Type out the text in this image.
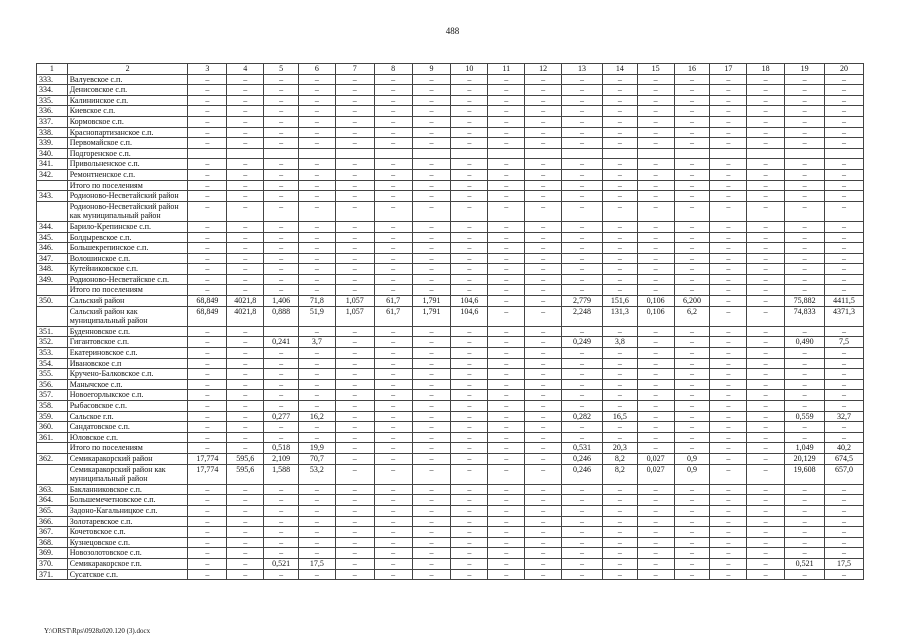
488
1	2	3	4	5	6	7	8	9	10	11	12	13	14	15	16	17	18	19	20
333.	Валуевское с.п.	–	–	–	–	–	–	–	–	–	–	–	–	–	–	–	–	–	–
334.	Денисовское с.п.	–	–	–	–	–	–	–	–	–	–	–	–	–	–	–	–	–	–
335.	Калининское с.п.	–	–	–	–	–	–	–	–	–	–	–	–	–	–	–	–	–	–
336.	Киевское с.п.	–	–	–	–	–	–	–	–	–	–	–	–	–	–	–	–	–	–
337.	Кормовское с.п.	–	–	–	–	–	–	–	–	–	–	–	–	–	–	–	–	–	–
338.	Краснопартизанское с.п.	–	–	–	–	–	–	–	–	–	–	–	–	–	–	–	–	–	–
339.	Первомайское с.п.	–	–	–	–	–	–	–	–	–	–	–	–	–	–	–	–	–	–
340.	Подгоренское с.п.																		
341.	Привольненское с.п.	–	–	–	–	–	–	–	–	–	–	–	–	–	–	–	–	–	–
342.	Ремонтненское с.п.	–	–	–	–	–	–	–	–	–	–	–	–	–	–	–	–	–	–
	Итого по поселениям	–	–	–	–	–	–	–	–	–	–	–	–	–	–	–	–	–	–
343.	Родионово-Несветайский район	–	–	–	–	–	–	–	–	–	–	–	–	–	–	–	–	–	–
	Родионово-Несветайский район как муниципальный район	–	–	–	–	–	–	–	–	–	–	–	–	–	–	–	–	–	–
344.	Барило-Крепинское с.п.	–	–	–	–	–	–	–	–	–	–	–	–	–	–	–	–	–	–
345.	Болдыревское с.п.	–	–	–	–	–	–	–	–	–	–	–	–	–	–	–	–	–	–
346.	Большекрепинское с.п.	–	–	–	–	–	–	–	–	–	–	–	–	–	–	–	–	–	–
347.	Волошинское с.п.	–	–	–	–	–	–	–	–	–	–	–	–	–	–	–	–	–	–
348.	Кутейниковское с.п.	–	–	–	–	–	–	–	–	–	–	–	–	–	–	–	–	–	–
349.	Родионово-Несветайское с.п.	–	–	–	–	–	–	–	–	–	–	–	–	–	–	–	–	–	–
	Итого по поселениям	–	–	–	–	–	–	–	–	–	–	–	–	–	–	–	–	–	–
350.	Сальский район	68,849	4021,8	1,406	71,8	1,057	61,7	1,791	104,6	–	–	2,779	151,6	0,106	6,200	–	–	75,882	4411,5
	Сальский район как муниципальный район	68,849	4021,8	0,888	51,9	1,057	61,7	1,791	104,6	–	–	2,248	131,3	0,106	6,2	–	–	74,833	4371,3
351.	Буденновское с.п.	–	–		–	–	–	–	–	–	–	–	–	–	–	–	–	–	–
352.	Гигантовское с.п.	–	–	0,241	3,7	–	–	–	–	–	–	0,249	3,8	–	–	–	–	0,490	7,5
353.	Екатериновское с.п.	–	–	–	–	–	–	–	–	–	–	–	–	–	–	–	–	–	–
354.	Ивановское с.п	–	–	–	–	–	–	–	–	–	–	–	–	–	–	–	–	–	–
355.	Кручено-Балковское с.п.	–	–	–	–	–	–	–	–	–	–	–	–	–	–	–	–	–	–
356.	Манычское с.п.	–	–	–	–	–	–	–	–	–	–	–	–	–	–	–	–	–	–
357.	Новоегорлыкское с.п.	–	–	–	–	–	–	–	–	–	–	–	–	–	–	–	–	–	–
358.	Рыбасовское с.п.	–	–	–	–	–	–	–	–	–	–	–	–	–	–	–	–	–	–
359.	Сальское г.п.	–	–	0,277	16,2	–	–	–	–	–	–	0,282	16,5	–	–	–	–	0,559	32,7
360.	Сандатовское с.п.	–	–	–	–	–	–	–	–	–	–	–	–	–	–	–	–	–	–
361.	Юловское с.п.	–	–	–	–	–	–	–	–	–	–	–	–	–	–	–	–	–	–
	Итого по поселениям	–	–	0,518	19,9	–	–	–	–	–	–	0,531	20,3	–	–	–	–	1,049	40,2
362.	Семикаракорский район	17,774	595,6	2,109	70,7	–	–	–	–	–	–	0,246	8,2	0,027	0,9	–	–	20,129	674,5
	Семикаракорский район как муниципальный район	17,774	595,6	1,588	53,2	–	–	–	–	–	–	0,246	8,2	0,027	0,9	–	–	19,608	657,0
363.	Бакланниковское с.п.	–	–	–	–	–	–	–	–	–	–	–	–	–	–	–	–	–	–
364.	Большемечетновское с.п.	–	–	–	–	–	–	–	–	–	–	–	–	–	–	–	–	–	–
365.	Задоно-Кагальницкое с.п.	–	–	–	–	–	–	–	–	–	–	–	–	–	–	–	–	–	–
366.	Золотаревское с.п.	–	–	–	–	–	–	–	–	–	–	–	–	–	–	–	–	–	–
367.	Кочетовское с.п.	–	–	–	–	–	–	–	–	–	–	–	–	–	–	–	–	–	–
368.	Кузнецовское с.п.	–	–	–	–	–	–	–	–	–	–	–	–	–	–	–	–	–	–
369.	Новозолотовское с.п.	–	–	–	–	–	–	–	–	–	–	–	–	–	–	–	–	–	–
370.	Семикаракорское г.п.	–	–	0,521	17,5	–	–	–	–	–	–	–	–	–	–	–	–	0,521	17,5
371.	Сусатское с.п.	–	–	–	–	–	–	–	–	–	–	–	–	–	–	–	–	–	–
Y:\ORST\Rps\0928z020.120 (3).docx
